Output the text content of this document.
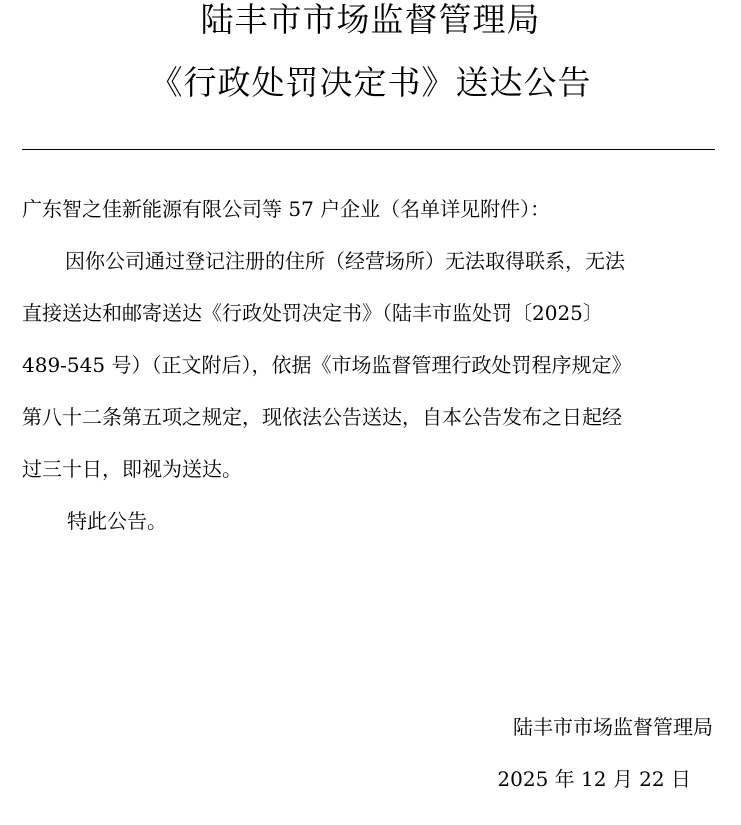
陆丰市市场监督管理局
《行政处罚决定书》送达公告
广东智之佳新能源有限公司等 57 户企业（名单详见附件）：
因你公司通过登记注册的住所（经营场所）无法取得联系，无法
直接送达和邮寄送达《行政处罚决定书》（陆丰市监处罚〔2025〕
489-545 号）（正文附后），依据《市场监督管理行政处罚程序规定》
第八十二条第五项之规定，现依法公告送达，自本公告发布之日起经
过三十日，即视为送达。
特此公告。
陆丰市市场监督管理局
2025 年 12 月 22 日
